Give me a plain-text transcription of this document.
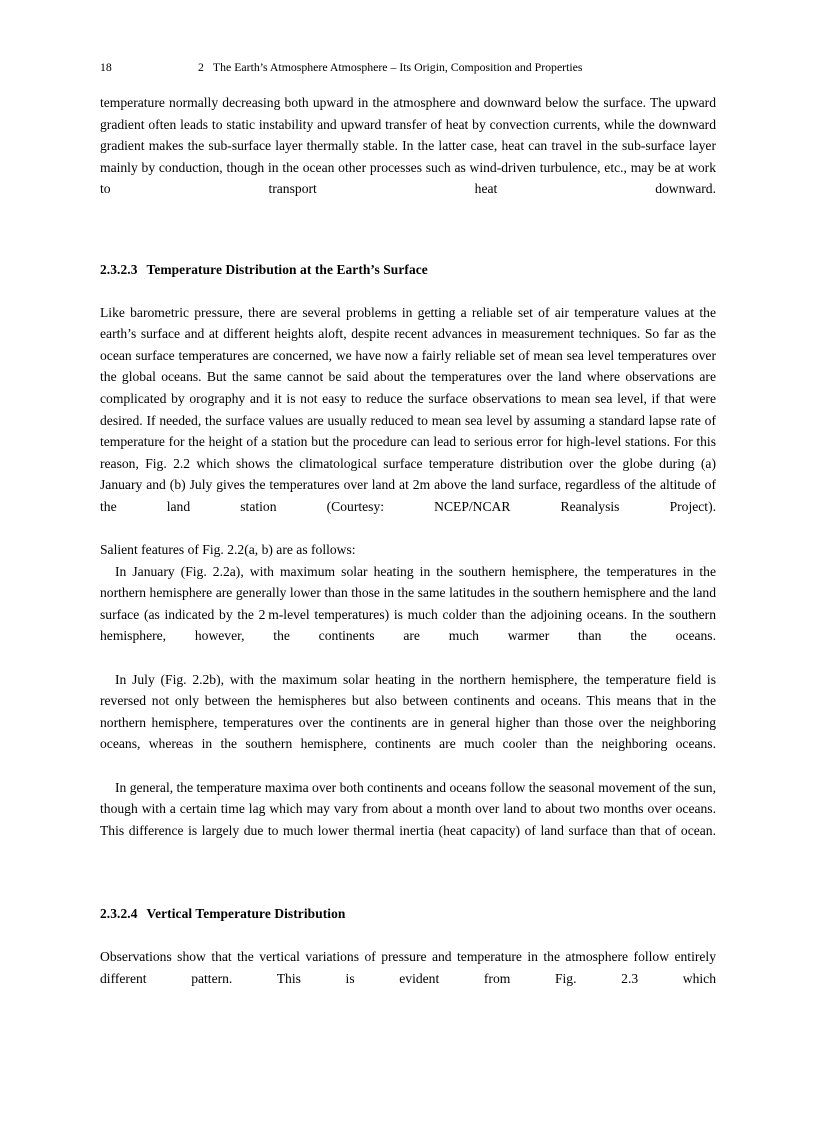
18	2 The Earth’s Atmosphere Atmosphere – Its Origin, Composition and Properties

temperature normally decreasing both upward in the atmosphere and downward below the surface. The upward gradient often leads to static instability and upward transfer of heat by convection currents, while the downward gradient makes the sub-surface layer thermally stable. In the latter case, heat can travel in the sub-surface layer mainly by conduction, though in the ocean other processes such as wind-driven turbulence, etc., may be at work to transport heat downward.

2.3.2.3 Temperature Distribution at the Earth’s Surface

Like barometric pressure, there are several problems in getting a reliable set of air temperature values at the earth’s surface and at different heights aloft, despite recent advances in measurement techniques. So far as the ocean surface temperatures are concerned, we have now a fairly reliable set of mean sea level temperatures over the global oceans. But the same cannot be said about the temperatures over the land where observations are complicated by orography and it is not easy to reduce the surface observations to mean sea level, if that were desired. If needed, the surface values are usually reduced to mean sea level by assuming a standard lapse rate of temperature for the height of a station but the procedure can lead to serious error for high-level stations. For this reason, Fig. 2.2 which shows the climatological surface temperature distribution over the globe during (a) January and (b) July gives the temperatures over land at 2m above the land surface, regardless of the altitude of the land station (Courtesy: NCEP/NCAR Reanalysis Project).

Salient features of Fig. 2.2(a, b) are as follows:

In January (Fig. 2.2a), with maximum solar heating in the southern hemisphere, the temperatures in the northern hemisphere are generally lower than those in the same latitudes in the southern hemisphere and the land surface (as indicated by the 2 m-level temperatures) is much colder than the adjoining oceans. In the southern hemisphere, however, the continents are much warmer than the oceans.

In July (Fig. 2.2b), with the maximum solar heating in the northern hemisphere, the temperature field is reversed not only between the hemispheres but also between continents and oceans. This means that in the northern hemisphere, temperatures over the continents are in general higher than those over the neighboring oceans, whereas in the southern hemisphere, continents are much cooler than the neighboring oceans.

In general, the temperature maxima over both continents and oceans follow the seasonal movement of the sun, though with a certain time lag which may vary from about a month over land to about two months over oceans. This difference is largely due to much lower thermal inertia (heat capacity) of land surface than that of ocean.

2.3.2.4 Vertical Temperature Distribution

Observations show that the vertical variations of pressure and temperature in the atmosphere follow entirely different pattern. This is evident from Fig. 2.3 which
